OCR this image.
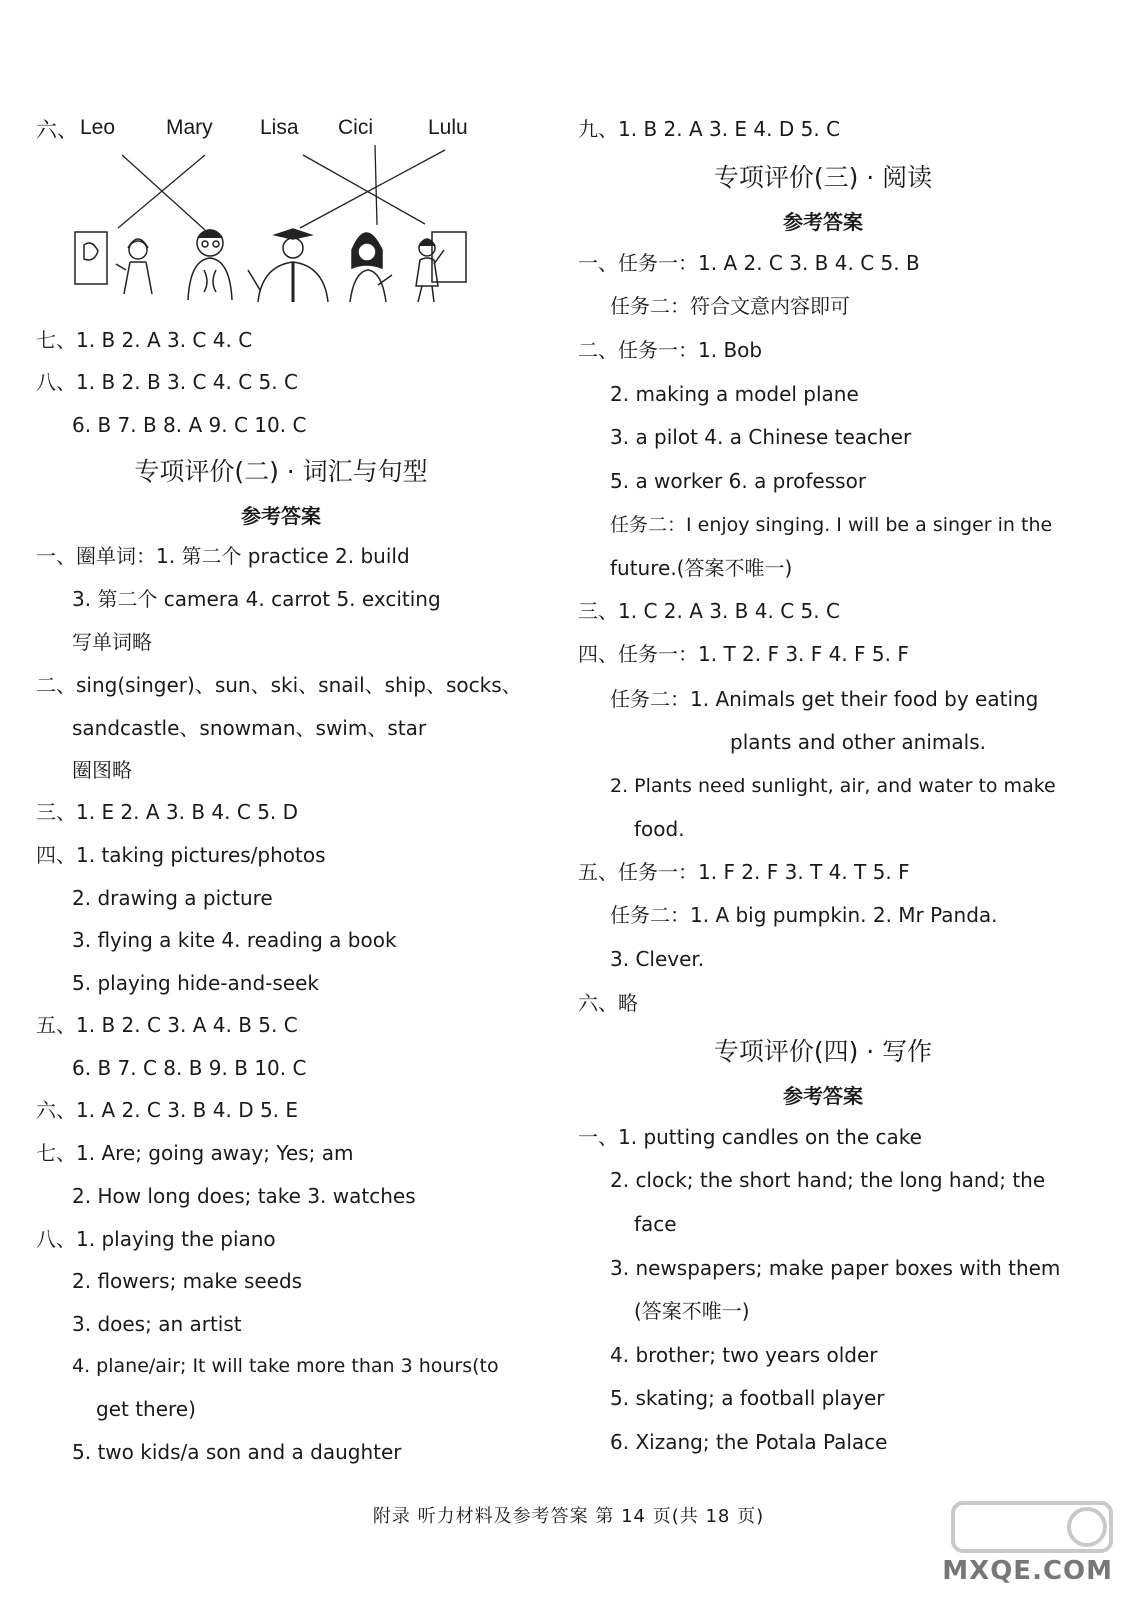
六、 Leo Mary Lisa Cici	Lulu
七、1. B 2. A 3. C 4. C
八、1. B 2. B 3. C 4. C 5. C
6. B 7. B 8. A 9. C 10. C
专项评价(二) · 词汇与句型
参考答案
一、圈单词：1. 第二个 practice 2. build
3. 第二个 camera 4. carrot 5. exciting
写单词略
二、sing(singer)、sun、ski、snail、ship、socks、
sandcastle、snowman、swim、star
圈图略
三、1. E 2. A 3. B 4. C 5. D
四、1. taking pictures/photos
2. drawing a picture
3. flying a kite 4. reading a book
5. playing hide-and-seek
五、1. B 2. C 3. A 4. B 5. C
6. B 7. C 8. B 9. B 10. C
六、1. A 2. C 3. B 4. D 5. E
七、1. Are; going away; Yes; am
2. How long does; take 3. watches
八、1. playing the piano
2. flowers; make seeds
3. does; an artist
4. plane/air; It will take more than 3 hours(to
get there)
5. two kids/a son and a daughter
九、1. B 2. A 3. E 4. D 5. C
专项评价(三) · 阅读
参考答案
一、任务一：1. A 2. C 3. B 4. C 5. B
任务二：符合文意内容即可
二、任务一：1. Bob
2. making a model plane
3. a pilot 4. a Chinese teacher
5. a worker 6. a professor
任务二：I enjoy singing. I will be a singer in the
future.(答案不唯一)
三、1. C 2. A 3. B 4. C 5. C
四、任务一：1. T 2. F 3. F 4. F 5. F
任务二：1. Animals get their food by eating
plants and other animals.
2. Plants need sunlight, air, and water to make
food.
五、任务一：1. F 2. F 3. T 4. T 5. F
任务二：1. A big pumpkin. 2. Mr Panda.
3. Clever.
六、略
专项评价(四) · 写作
参考答案
一、1. putting candles on the cake
2. clock; the short hand; the long hand; the
face
3. newspapers; make paper boxes with them
(答案不唯一)
4. brother; two years older
5. skating; a football player
6. Xizang; the Potala Palace
附录 听力材料及参考答案 第 14 页(共 18 页)
MXQE.COM
